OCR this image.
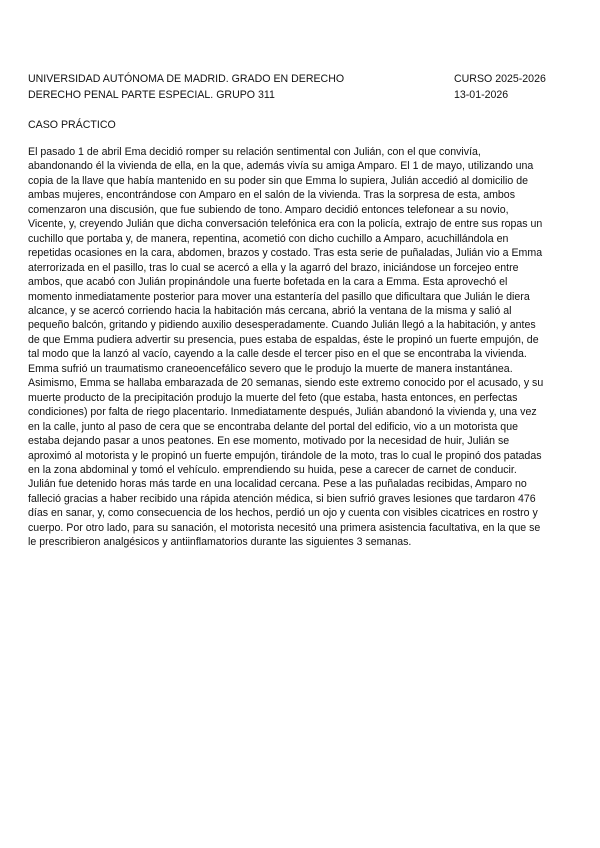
UNIVERSIDAD AUTÓNOMA DE MADRID. GRADO EN DERECHO	CURSO 2025-2026
DERECHO PENAL PARTE ESPECIAL. GRUPO 311	13-01-2026
CASO PRÁCTICO
El pasado 1 de abril Ema decidió romper su relación sentimental con Julián, con el que convivía,
abandonando él la vivienda de ella, en la que, además vivía su amiga Amparo. El 1 de mayo, utilizando una
copia de la llave que había mantenido en su poder sin que Emma lo supiera, Julián accedió al domicilio de
ambas mujeres, encontrándose con Amparo en el salón de la vivienda. Tras la sorpresa de esta, ambos
comenzaron una discusión, que fue subiendo de tono. Amparo decidió entonces telefonear a su novio,
Vicente, y, creyendo Julián que dicha conversación telefónica era con la policía, extrajo de entre sus ropas un
cuchillo que portaba y, de manera, repentina, acometió con dicho cuchillo a Amparo, acuchillándola en
repetidas ocasiones en la cara, abdomen, brazos y costado. Tras esta serie de puñaladas, Julián vio a Emma
aterrorizada en el pasillo, tras lo cual se acercó a ella y la agarró del brazo, iniciándose un forcejeo entre
ambos, que acabó con Julián propinándole una fuerte bofetada en la cara a Emma. Esta aprovechó el
momento inmediatamente posterior para mover una estantería del pasillo que dificultara que Julián le diera
alcance, y se acercó corriendo hacia la habitación más cercana, abrió la ventana de la misma y salió al
pequeño balcón, gritando y pidiendo auxilio desesperadamente. Cuando Julián llegó a la habitación, y antes
de que Emma pudiera advertir su presencia, pues estaba de espaldas, éste le propinó un fuerte empujón, de
tal modo que la lanzó al vacío, cayendo a la calle desde el tercer piso en el que se encontraba la vivienda.
Emma sufrió un traumatismo craneoencefálico severo que le produjo la muerte de manera instantánea.
Asimismo, Emma se hallaba embarazada de 20 semanas, siendo este extremo conocido por el acusado, y su
muerte producto de la precipitación produjo la muerte del feto (que estaba, hasta entonces, en perfectas
condiciones) por falta de riego placentario. Inmediatamente después, Julián abandonó la vivienda y, una vez
en la calle, junto al paso de cera que se encontraba delante del portal del edificio, vio a un motorista que
estaba dejando pasar a unos peatones. En ese momento, motivado por la necesidad de huir, Julián se
aproximó al motorista y le propinó un fuerte empujón, tirándole de la moto, tras lo cual le propinó dos patadas
en la zona abdominal y tomó el vehículo. emprendiendo su huida, pese a carecer de carnet de conducir.
Julián fue detenido horas más tarde en una localidad cercana. Pese a las puñaladas recibidas, Amparo no
falleció gracias a haber recibido una rápida atención médica, si bien sufrió graves lesiones que tardaron 476
días en sanar, y, como consecuencia de los hechos, perdió un ojo y cuenta con visibles cicatrices en rostro y
cuerpo. Por otro lado, para su sanación, el motorista necesitó una primera asistencia facultativa, en la que se
le prescribieron analgésicos y antiinflamatorios durante las siguientes 3 semanas.
